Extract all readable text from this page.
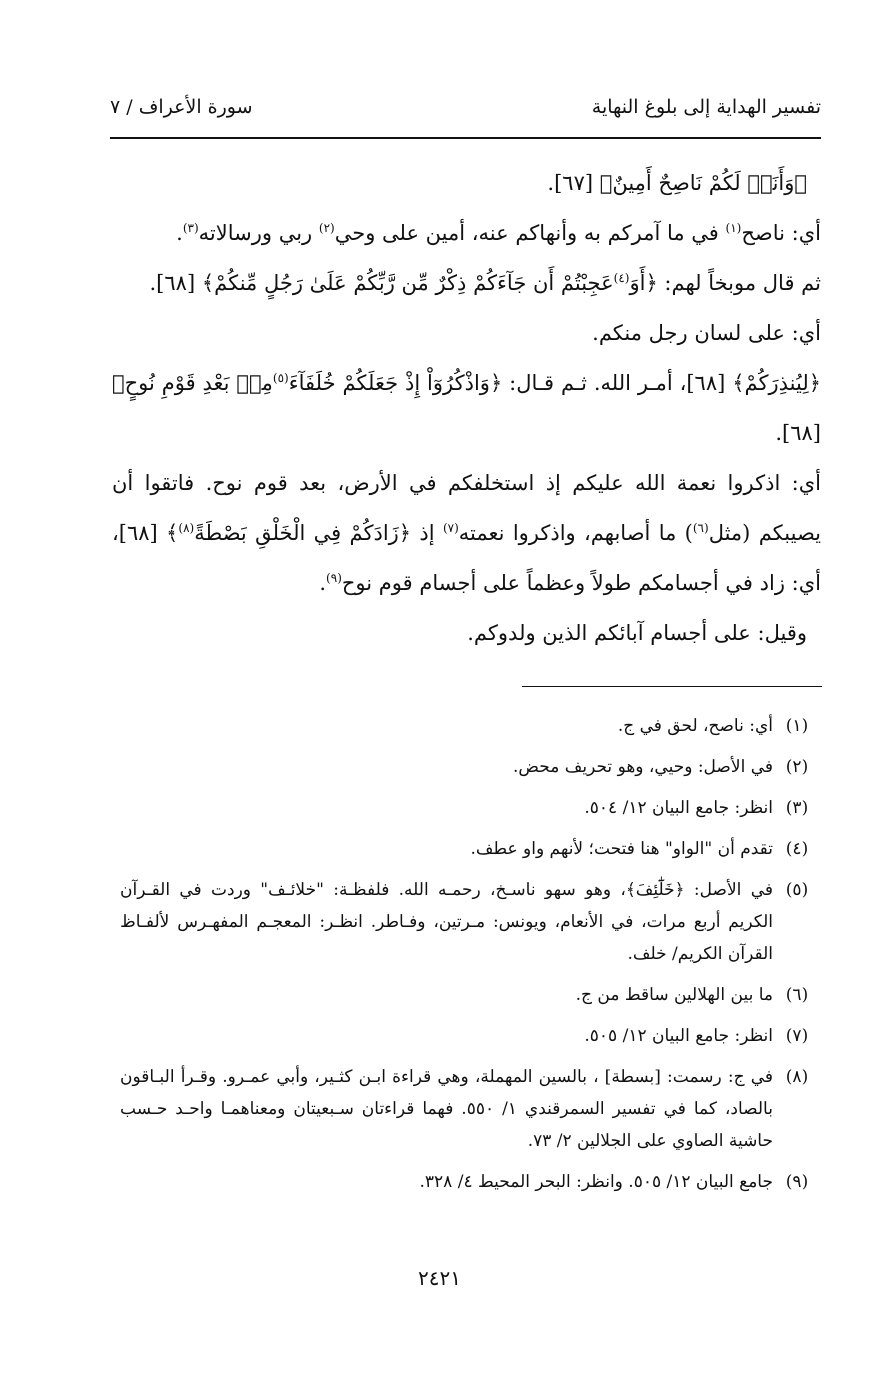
تفسير الهداية إلى بلوغ النهاية
سورة الأعراف / ٧

﴿وَأَنَا۠ لَكُمْ نَاصِحٌ أَمِينٌ﴾ [٦٧].

أي: ناصح$^{(١)}$ في ما آمركم به وأنهاكم عنه، أمين على وحي$^{(٢)}$ ربي ورسالاته$^{(٣)}$.

ثم قال موبخاً لهم: ﴿أَوَ$^{(٤)}$عَجِبْتُمْ أَن جَآءَكُمْ ذِكْرٌ مِّن رَّبِّكُمْ عَلَىٰ رَجُلٍ مِّنكُمْ﴾ [٦٨].

أي: على لسان رجل منكم.

﴿لِيُنذِرَكُمْ﴾ [٦٨]، أمـر الله. ثـم قـال: ﴿وَاذْكُرُوٓاْ إِذْ جَعَلَكُمْ خُلَفَآءَ$^{(٥)}$مِنۢ بَعْدِ قَوْمِ نُوحٍ﴾ [٦٨].

أي: اذكروا نعمة الله عليكم إذ استخلفكم في الأرض، بعد قوم نوح. فاتقوا أن يصيبكم (مثل$^{(٦)}$) ما أصابهم، واذكروا نعمته$^{(٧)}$ إذ ﴿زَادَكُمْ فِي الْخَلْقِ بَصْطَةً$^{(٨)}$﴾ [٦٨]، أي: زاد في أجسامكم طولاً وعظماً على أجسام قوم نوح$^{(٩)}$.

وقيل: على أجسام آبائكم الذين ولدوكم.

(١)
أي: ناصح، لحق في ج.
(٢)
في الأصل: وحيي، وهو تحريف محض.
(٣)
انظر: جامع البيان ١٢/ ٥٠٤.
(٤)
تقدم أن "الواو" هنا فتحت؛ لأنهم واو عطف.
(٥)
في الأصل: ﴿خَلَٰٓئِفَ﴾، وهو سهو ناسـخ، رحمـه الله. فلفظـة: "خلائـف" وردت في القـرآن الكريم أربع مرات، في الأنعام، ويونس: مـرتين، وفـاطر. انظـر: المعجـم المفهـرس لألفـاظ القرآن الكريم/ خلف.
(٦)
ما بين الهلالين ساقط من ج.
(٧)
انظر: جامع البيان ١٢/ ٥٠٥.
(٨)
في ج: رسمت: [بسطة] ، بالسين المهملة، وهي قراءة ابـن كثـير، وأبي عمـرو. وقـرأ البـاقون بالصاد، كما في تفسير السمرقندي ١/ ٥٥٠. فهما قراءتان سـبعيتان ومعناهمـا واحـد حـسب حاشية الصاوي على الجلالين ٢/ ٧٣.
(٩)
جامع البيان ١٢/ ٥٠٥. وانظر: البحر المحيط ٤/ ٣٢٨.
٢٤٢١
